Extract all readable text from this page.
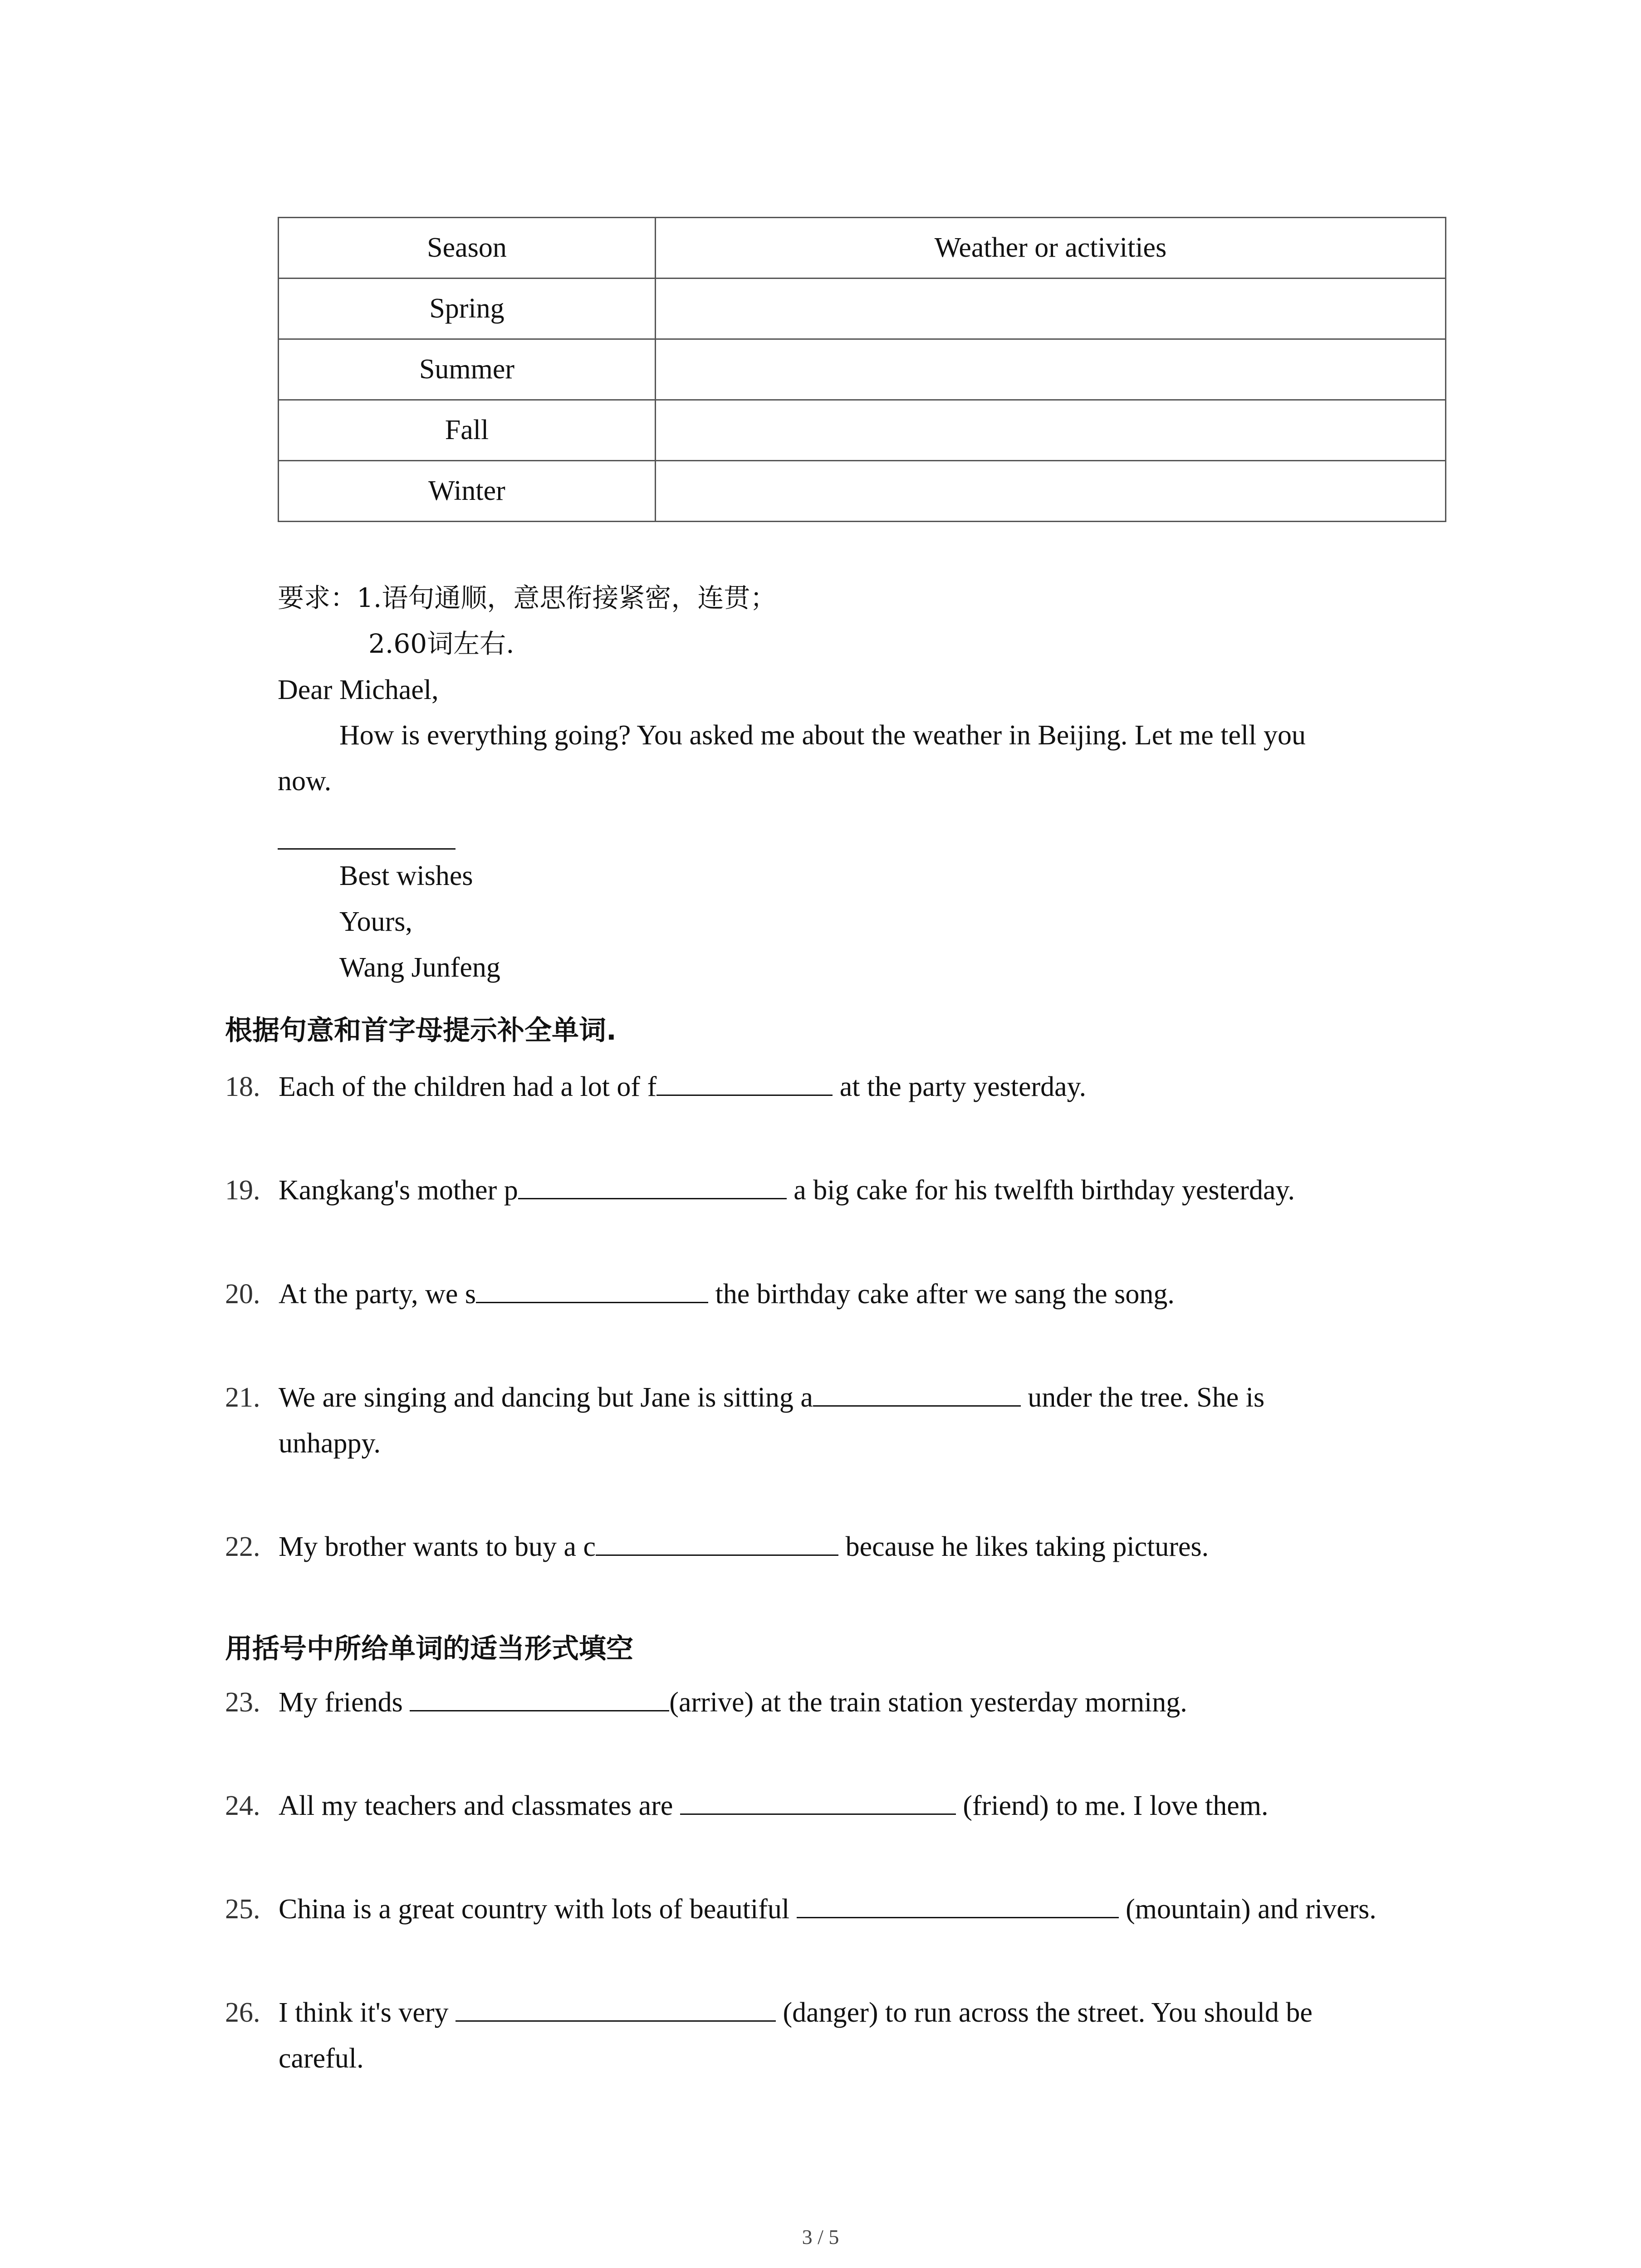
Season	Weather or activities
Spring	
Summer	
Fall	
Winter	
要求：1.语句通顺，意思衔接紧密，连贯；
2.60词左右.
Dear Michael,
How is everything going? You asked me about the weather in Beijing. Let me tell you
now.
Best wishes
Yours,
Wang Junfeng
根据句意和首字母提示补全单词.
18. Each of the children had a lot of f	at the party yesterday.
19. Kangkang's mother p	a big cake for his twelfth birthday yesterday.
20. At the party, we s	the birthday cake after we sang the song.
21. We are singing and dancing but Jane is sitting a	under the tree. She is
unhappy.
22. My brother wants to buy a c	because he likes taking pictures.
用括号中所给单词的适当形式填空
23. My friends	(arrive) at the train station yesterday morning.
24. All my teachers and classmates are	(friend) to me. I love them.
25. China is a great country with lots of beautiful	(mountain) and rivers.
26. I think it's very	(danger) to run across the street. You should be
careful.
3 / 5
